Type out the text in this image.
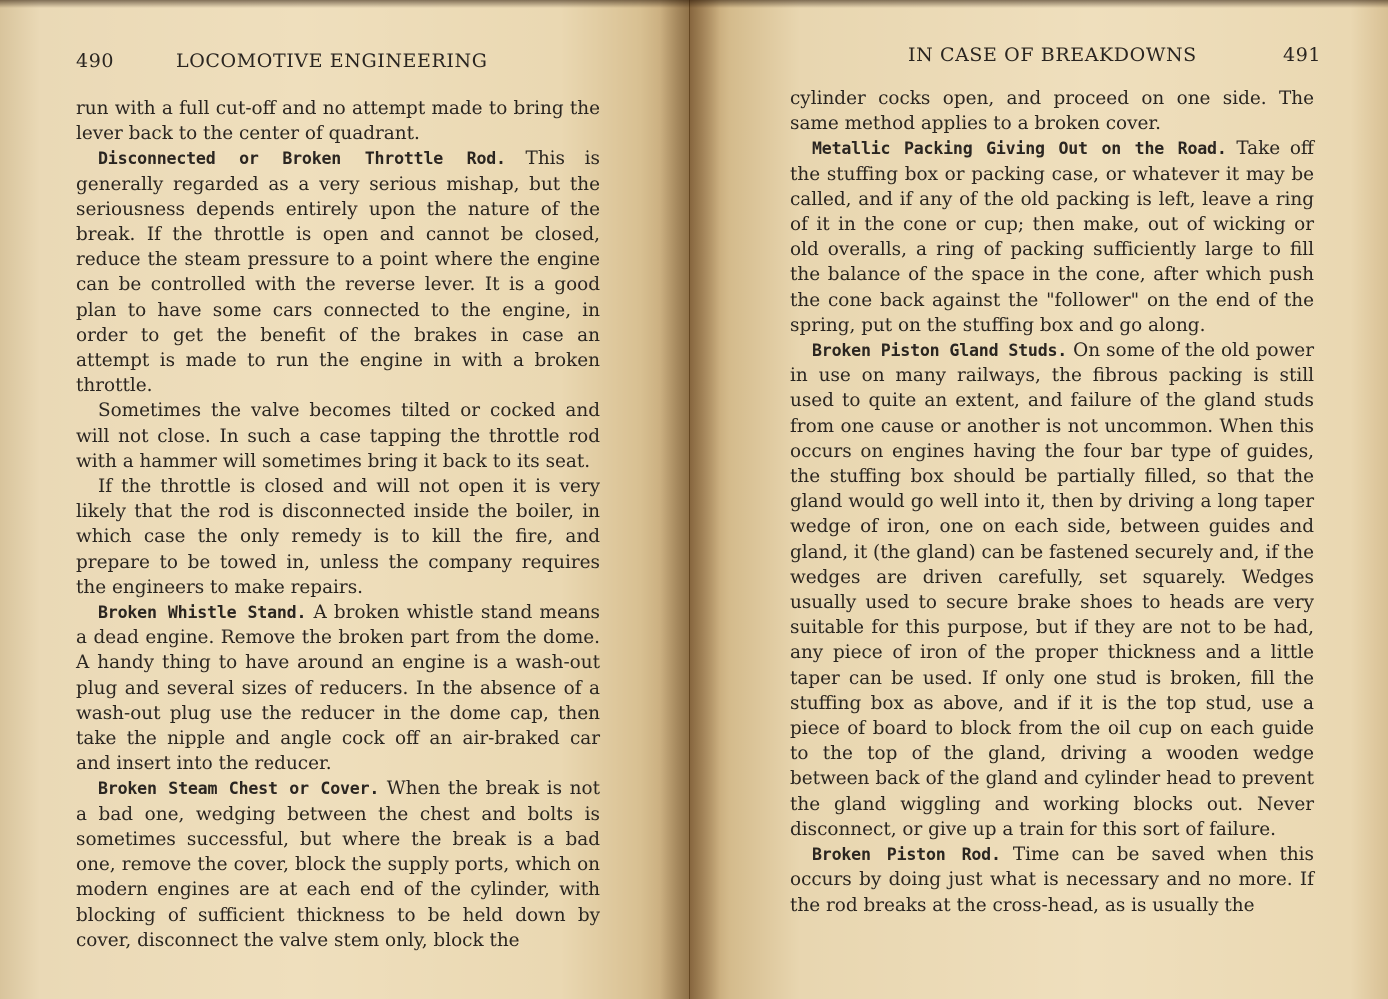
490	LOCOMOTIVE ENGINEERING

run with a full cut-off and no attempt made to bring the lever back to the center of quadrant.

Disconnected or Broken Throttle Rod. This is generally regarded as a very serious mishap, but the seriousness depends entirely upon the nature of the break. If the throttle is open and cannot be closed, reduce the steam pressure to a point where the engine can be controlled with the reverse lever. It is a good plan to have some cars connected to the engine, in order to get the benefit of the brakes in case an attempt is made to run the engine in with a broken throttle.

Sometimes the valve becomes tilted or cocked and will not close. In such a case tapping the throttle rod with a hammer will sometimes bring it back to its seat.

If the throttle is closed and will not open it is very likely that the rod is disconnected inside the boiler, in which case the only remedy is to kill the fire, and prepare to be towed in, unless the company requires the engineers to make repairs.

Broken Whistle Stand. A broken whistle stand means a dead engine. Remove the broken part from the dome. A handy thing to have around an engine is a wash-out plug and several sizes of reducers. In the absence of a wash-out plug use the reducer in the dome cap, then take the nipple and angle cock off an air-braked car and insert into the reducer.

Broken Steam Chest or Cover. When the break is not a bad one, wedging between the chest and bolts is sometimes successful, but where the break is a bad one, remove the cover, block the supply ports, which on modern engines are at each end of the cylinder, with blocking of sufficient thickness to be held down by cover, disconnect the valve stem only, block the

IN CASE OF BREAKDOWNS	491

cylinder cocks open, and proceed on one side. The same method applies to a broken cover.

Metallic Packing Giving Out on the Road. Take off the stuffing box or packing case, or whatever it may be called, and if any of the old packing is left, leave a ring of it in the cone or cup; then make, out of wicking or old overalls, a ring of packing sufficiently large to fill the balance of the space in the cone, after which push the cone back against the "follower" on the end of the spring, put on the stuffing box and go along.

Broken Piston Gland Studs. On some of the old power in use on many railways, the fibrous packing is still used to quite an extent, and failure of the gland studs from one cause or another is not uncommon. When this occurs on engines having the four bar type of guides, the stuffing box should be partially filled, so that the gland would go well into it, then by driving a long taper wedge of iron, one on each side, between guides and gland, it (the gland) can be fastened securely and, if the wedges are driven carefully, set squarely. Wedges usually used to secure brake shoes to heads are very suitable for this purpose, but if they are not to be had, any piece of iron of the proper thickness and a little taper can be used. If only one stud is broken, fill the stuffing box as above, and if it is the top stud, use a piece of board to block from the oil cup on each guide to the top of the gland, driving a wooden wedge between back of the gland and cylinder head to prevent the gland wiggling and working blocks out. Never disconnect, or give up a train for this sort of failure.

Broken Piston Rod. Time can be saved when this occurs by doing just what is necessary and no more. If the rod breaks at the cross-head, as is usually the
